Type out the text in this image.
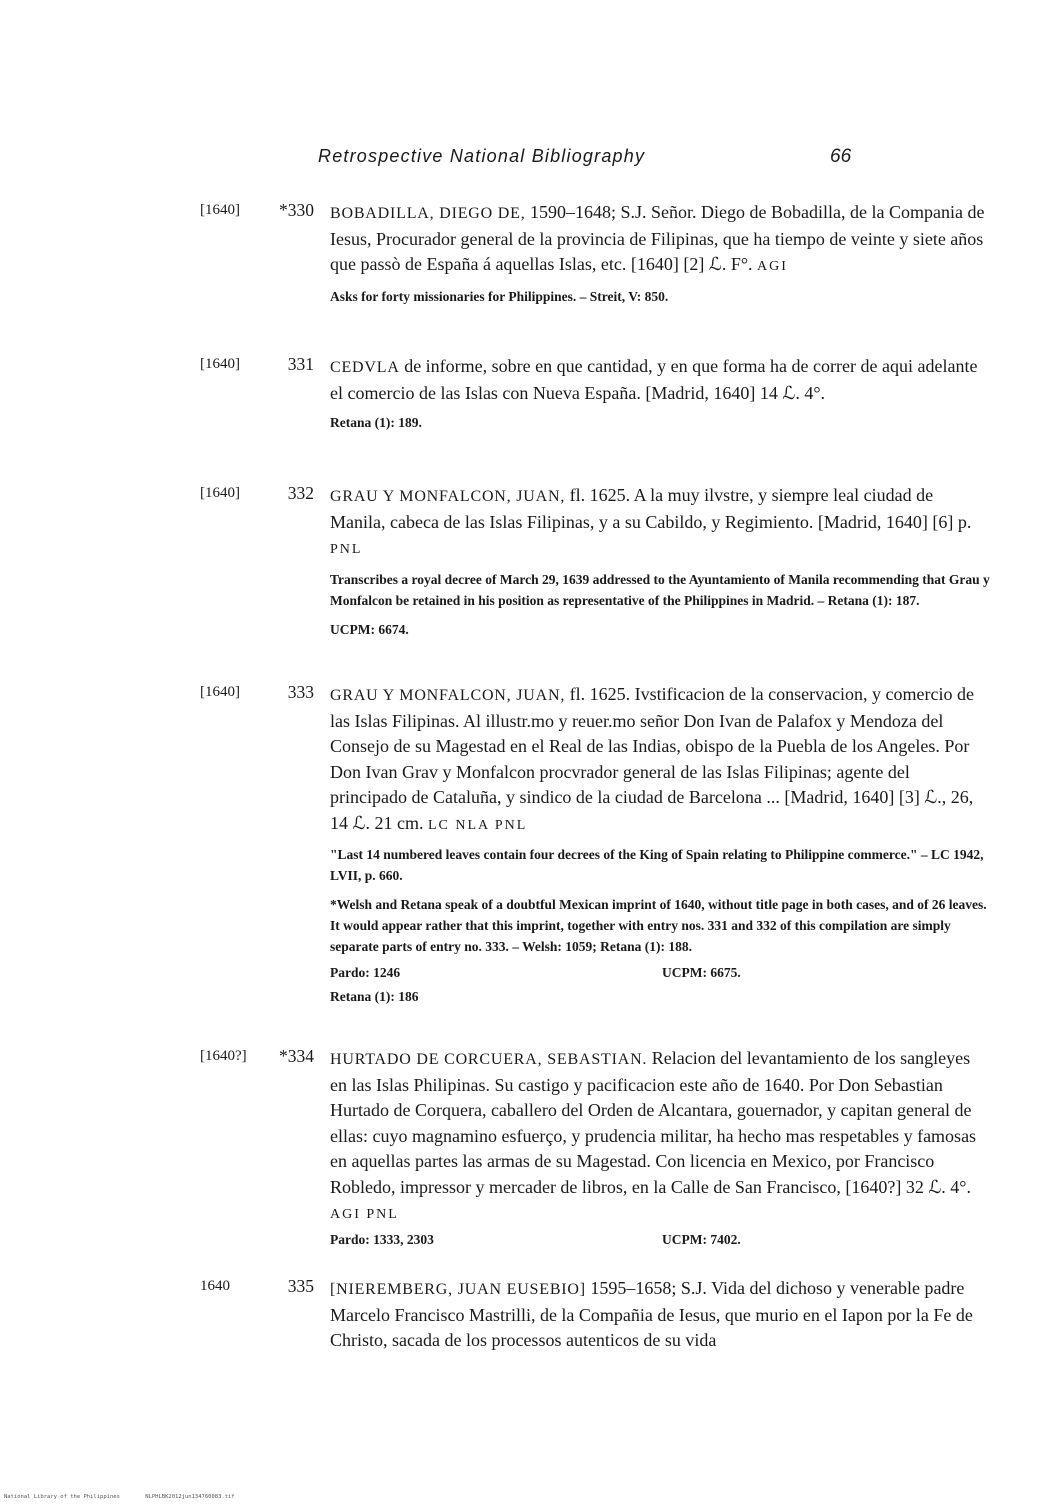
Retrospective National Bibliography	66
[1640]	*330 BOBADILLA, DIEGO DE, 1590–1648; S.J. Señor. Diego de Bobadilla, de la Compania de Iesus, Procurador general de la provincia de Filipinas, que ha tiempo de veinte y siete años que passò de España á aquellas Islas, etc. [1640] [2] ℒ. F°. AGI

Asks for forty missionaries for Philippines. – Streit, V: 850.

[1640]	331 CEDVLA de informe, sobre en que cantidad, y en que forma ha de correr de aqui adelante el comercio de las Islas con Nueva España. [Madrid, 1640] 14 ℒ. 4°.

Retana (1): 189.

[1640]	332 GRAU Y MONFALCON, JUAN, fl. 1625. A la muy ilvstre, y siempre leal ciudad de Manila, cabeca de las Islas Filipinas, y a su Cabildo, y Regimiento. [Madrid, 1640] [6] p. PNL

Transcribes a royal decree of March 29, 1639 addressed to the Ayuntamiento of Manila recommending that Grau y Monfalcon be retained in his position as representative of the Philippines in Madrid. – Retana (1): 187.

UCPM: 6674.

[1640]	333 GRAU Y MONFALCON, JUAN, fl. 1625. Ivstificacion de la conservacion, y comercio de las Islas Filipinas. Al illustr.mo y reuer.mo señor Don Ivan de Palafox y Mendoza del Consejo de su Magestad en el Real de las Indias, obispo de la Puebla de los Angeles. Por Don Ivan Grav y Monfalcon procvrador general de las Islas Filipinas; agente del principado de Cataluña, y sindico de la ciudad de Barcelona ... [Madrid, 1640] [3] ℒ., 26, 14 ℒ. 21 cm. LC NLA PNL

"Last 14 numbered leaves contain four decrees of the King of Spain relating to Philippine commerce." – LC 1942, LVII, p. 660.

*Welsh and Retana speak of a doubtful Mexican imprint of 1640, without title page in both cases, and of 26 leaves. It would appear rather that this imprint, together with entry nos. 331 and 332 of this compilation are simply separate parts of entry no. 333. – Welsh: 1059; Retana (1): 188.

Pardo: 1246	UCPM: 6675.

Retana (1): 186

[1640?]	*334 HURTADO DE CORCUERA, SEBASTIAN. Relacion del levantamiento de los sangleyes en las Islas Philipinas. Su castigo y pacificacion este año de 1640. Por Don Sebastian Hurtado de Corquera, caballero del Orden de Alcantara, gouernador, y capitan general de ellas: cuyo magnamino esfuerço, y prudencia militar, ha hecho mas respetables y famosas en aquellas partes las armas de su Magestad. Con licencia en Mexico, por Francisco Robledo, impressor y mercader de libros, en la Calle de San Francisco, [1640?] 32 ℒ. 4°. AGI PNL

Pardo: 1333, 2303	UCPM: 7402.
1640	335 [NIEREMBERG, JUAN EUSEBIO] 1595–1658; S.J. Vida del dichoso y venerable padre Marcelo Francisco Mastrilli, de la Compañia de Iesus, que murio en el Iapon por la Fe de Christo, sacada de los processos autenticos de su vida

National Library of the Philippines	NLPHLBK2012jun134760083.tif
